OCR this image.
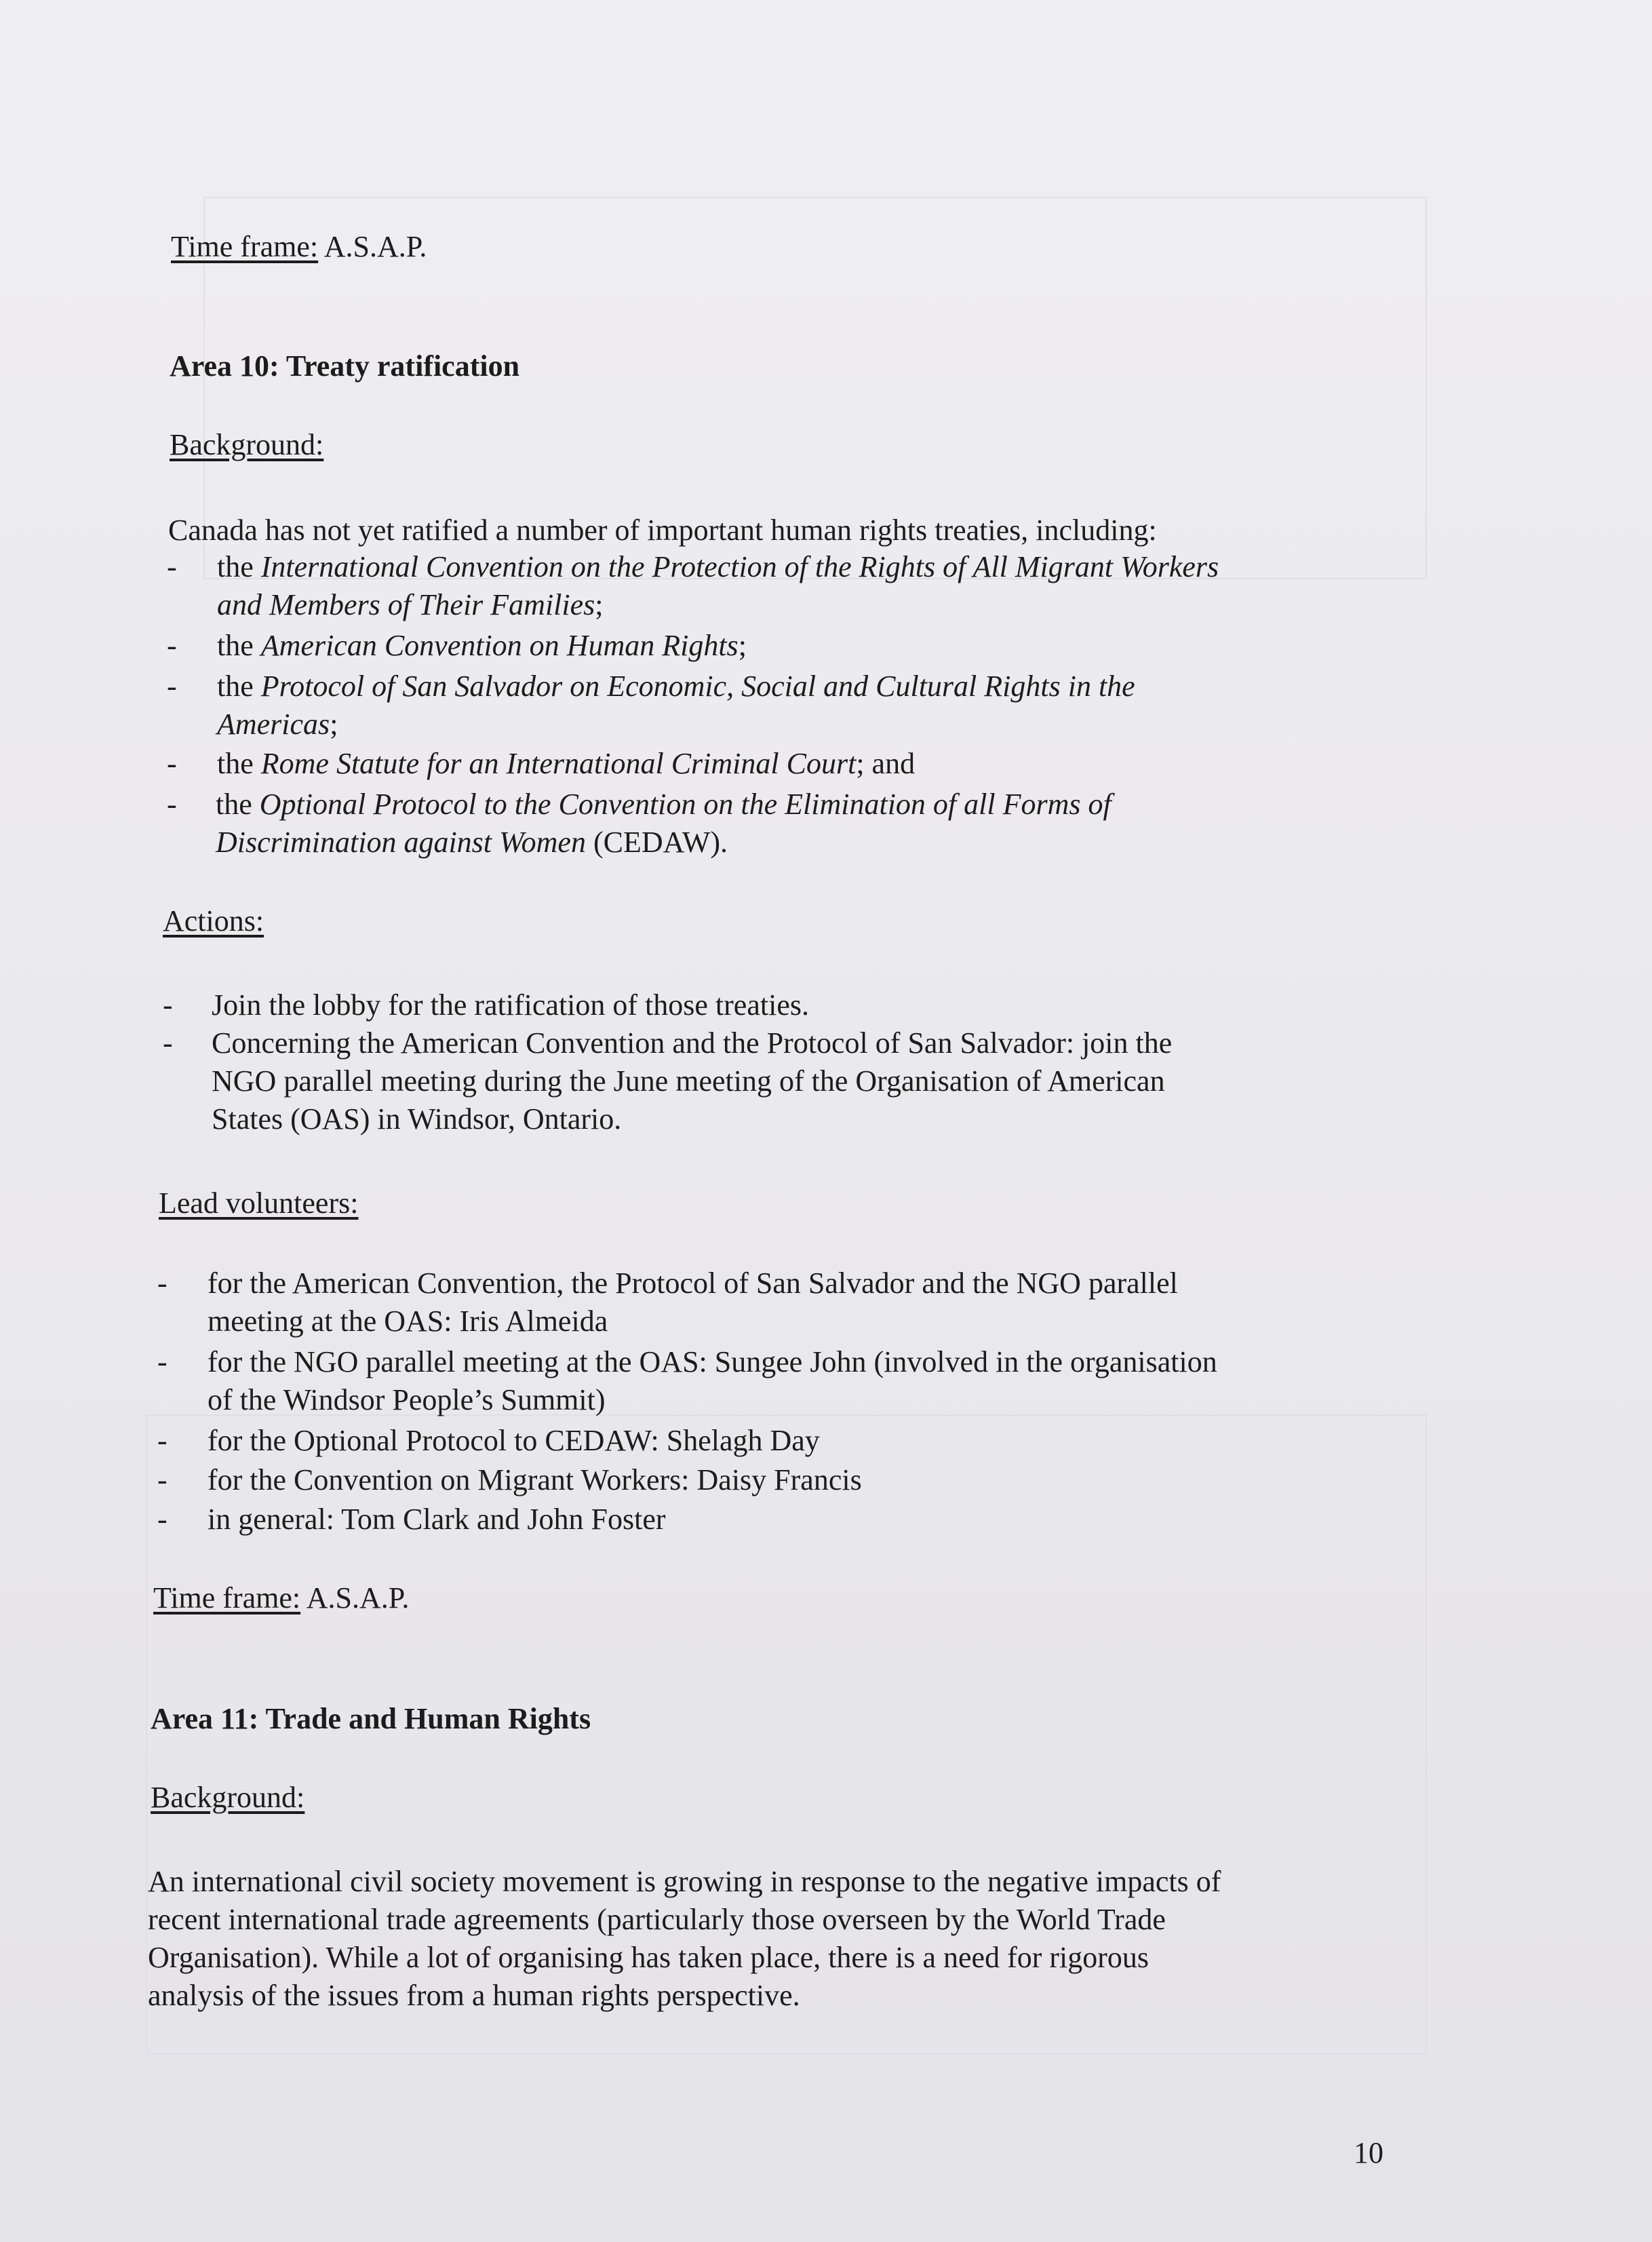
Time frame: A.S.A.P.
Area 10: Treaty ratification
Background:
Canada has not yet ratified a number of important human rights treaties, including:
- the International Convention on the Protection of the Rights of All Migrant Workers
and Members of Their Families;
- the American Convention on Human Rights;
- the Protocol of San Salvador on Economic, Social and Cultural Rights in the
Americas;
- the Rome Statute for an International Criminal Court; and
- the Optional Protocol to the Convention on the Elimination of all Forms of
Discrimination against Women (CEDAW).
Actions:
- Join the lobby for the ratification of those treaties.
- Concerning the American Convention and the Protocol of San Salvador: join the
NGO parallel meeting during the June meeting of the Organisation of American
States (OAS) in Windsor, Ontario.
Lead volunteers:
- for the American Convention, the Protocol of San Salvador and the NGO parallel
meeting at the OAS: Iris Almeida
- for the NGO parallel meeting at the OAS: Sungee John (involved in the organisation
of the Windsor People’s Summit)
- for the Optional Protocol to CEDAW: Shelagh Day
- for the Convention on Migrant Workers: Daisy Francis
- in general: Tom Clark and John Foster
Time frame: A.S.A.P.
Area 11: Trade and Human Rights
Background:
An international civil society movement is growing in response to the negative impacts of
recent international trade agreements (particularly those overseen by the World Trade
Organisation). While a lot of organising has taken place, there is a need for rigorous
analysis of the issues from a human rights perspective.
10
